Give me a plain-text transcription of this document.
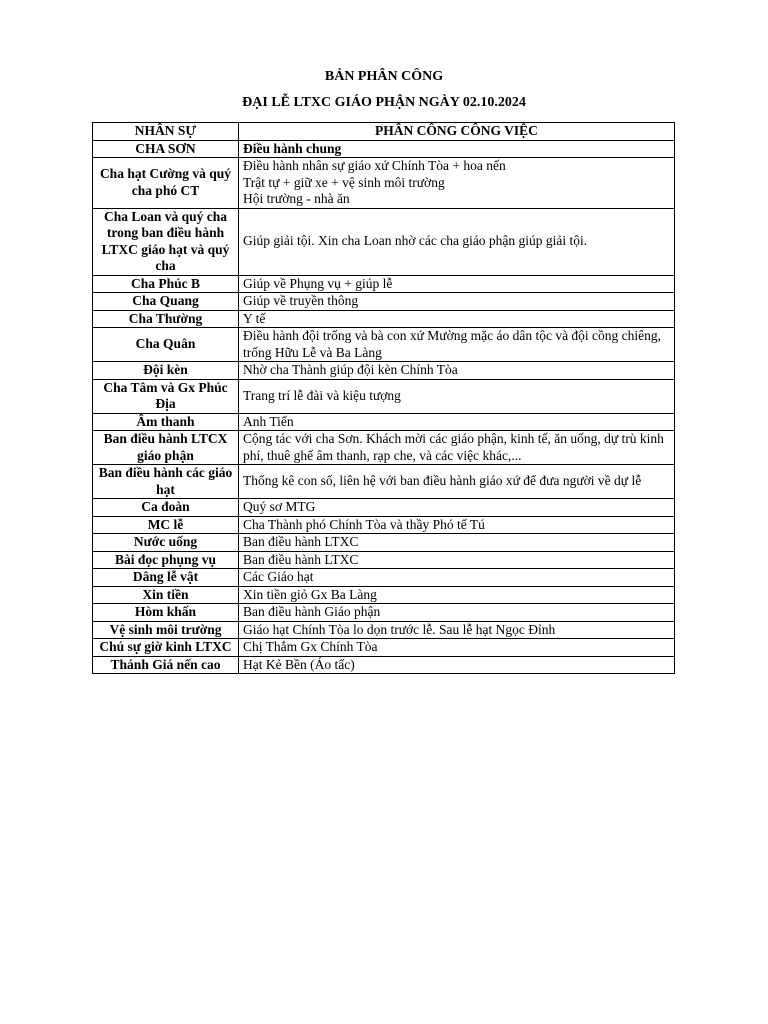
BẢN PHÂN CÔNG
ĐẠI LỄ LTXC GIÁO PHẬN NGÀY 02.10.2024
NHÂN SỰ	PHÂN CÔNG CÔNG VIỆC
CHA SƠN	Điều hành chung

Cha hạt Cường và quý cha phó CT	Điều hành nhân sự giáo xứ Chính Tòa + hoa nến
Trật tự + giữ xe + vệ sinh môi trường
Hội trường - nhà ăn

Cha Loan và quý cha trong ban điều hành LTXC giáo hạt và quý cha	Giúp giải tội. Xin cha Loan nhờ các cha giáo phận giúp giải tội.

Cha Phúc B	Giúp về Phụng vụ + giúp lễ

Cha Quang	Giúp về truyền thông

Cha Thường	Y tế

Cha Quân	Điều hành đội trống và bà con xứ Mường mặc áo dân tộc và đội cồng chiêng, trống Hữu Lễ và Ba Làng

Đội kèn	Nhờ cha Thành giúp đội kèn Chính Tòa

Cha Tâm và Gx Phúc Địa	Trang trí lễ đài và kiệu tượng

Âm thanh	Anh Tiến

Ban điều hành LTCX giáo phận	Cộng tác với cha Sơn. Khách mời các giáo phận, kinh tế, ăn uống, dự trù kinh phí, thuê ghế âm thanh, rạp che, và các việc khác,...

Ban điều hành các giáo hạt	Thống kê con số, liên hệ với ban điều hành giáo xứ để đưa người về dự lễ

Ca đoàn	Quý sơ MTG

MC lễ	Cha Thành phó Chính Tòa và thầy Phó tế Tú

Nước uống	Ban điều hành LTXC

Bài đọc phụng vụ	Ban điều hành LTXC

Dâng lễ vật	Các Giáo hạt

Xin tiền	Xin tiền giỏ Gx Ba Làng

Hòm khấn	Ban điều hành Giáo phận

Vệ sinh môi trường	Giáo hạt Chính Tòa lo dọn trước lễ. Sau lễ hạt Ngọc Đỉnh

Chú sự giờ kinh LTXC	Chị Thắm Gx Chính Tòa

Thánh Giá nến cao	Hạt Kẻ Bền (Áo tấc)
